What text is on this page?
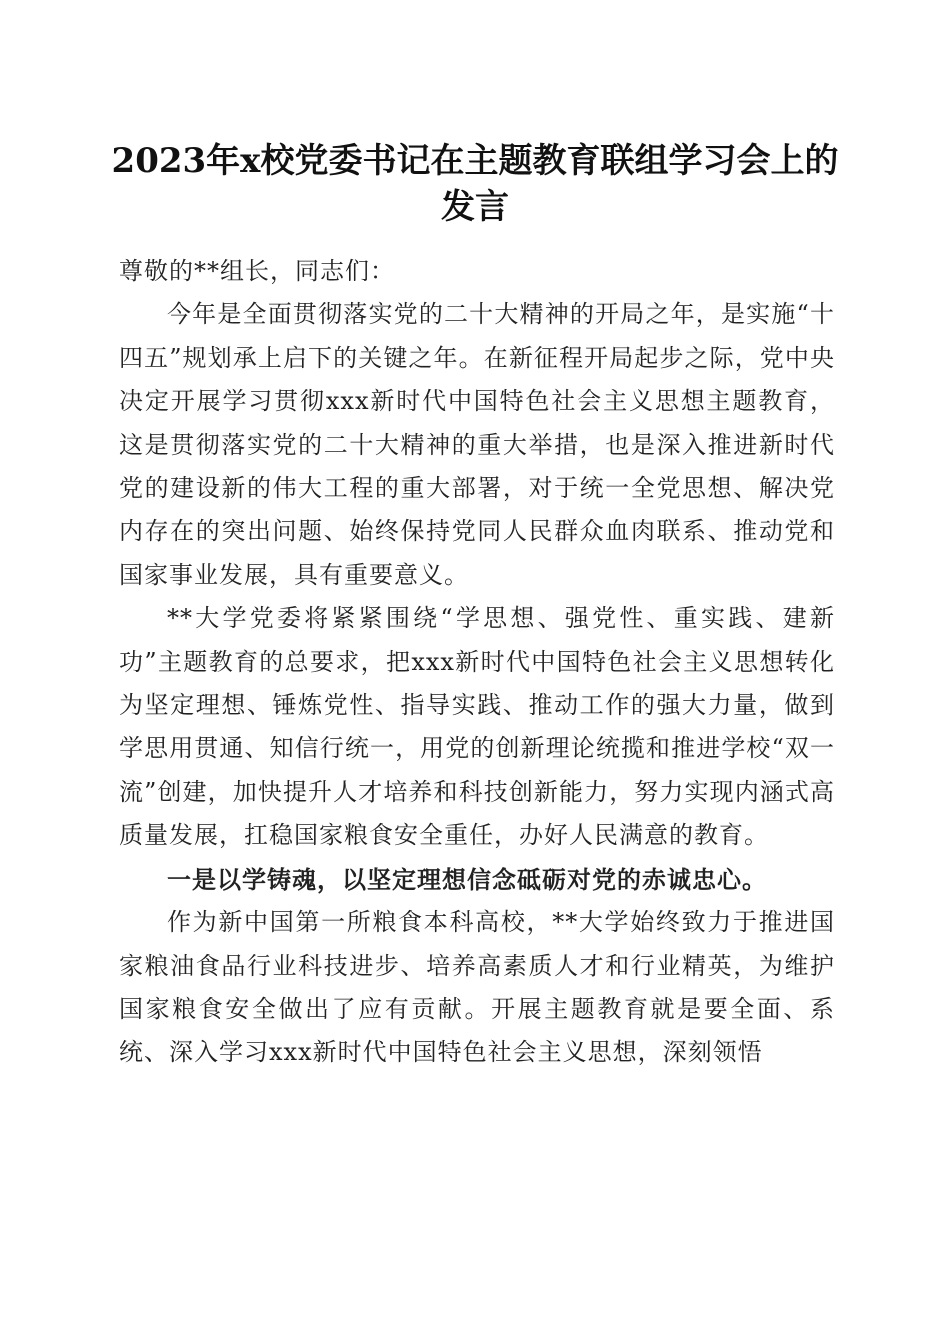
2023年x校党委书记在主题教育联组学习会上的发言

尊敬的**组长，同志们：

今年是全面贯彻落实党的二十大精神的开局之年，是实施“十四五”规划承上启下的关键之年。在新征程开局起步之际，党中央决定开展学习贯彻xxx新时代中国特色社会主义思想主题教育，这是贯彻落实党的二十大精神的重大举措，也是深入推进新时代党的建设新的伟大工程的重大部署，对于统一全党思想、解决党内存在的突出问题、始终保持党同人民群众血肉联系、推动党和国家事业发展，具有重要意义。

**大学党委将紧紧围绕“学思想、强党性、重实践、建新功”主题教育的总要求，把xxx新时代中国特色社会主义思想转化为坚定理想、锤炼党性、指导实践、推动工作的强大力量，做到学思用贯通、知信行统一，用党的创新理论统揽和推进学校“双一流”创建，加快提升人才培养和科技创新能力，努力实现内涵式高质量发展，扛稳国家粮食安全重任，办好人民满意的教育。

一是以学铸魂，以坚定理想信念砥砺对党的赤诚忠心。

作为新中国第一所粮食本科高校，**大学始终致力于推进国家粮油食品行业科技进步、培养高素质人才和行业精英，为维护国家粮食安全做出了应有贡献。开展主题教育就是要全面、系统、深入学习xxx新时代中国特色社会主义思想，深刻领悟
